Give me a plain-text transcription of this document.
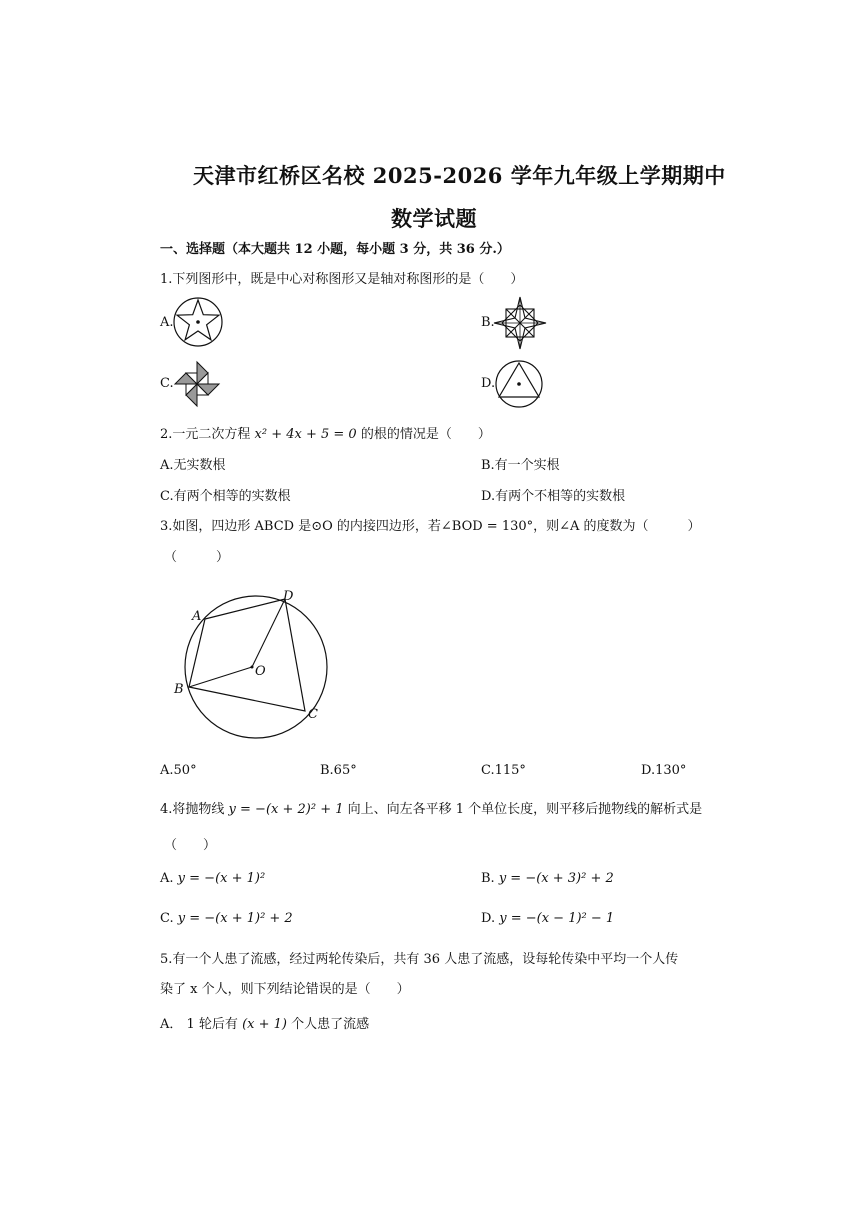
天津市红桥区名校 2025-2026 学年九年级上学期期中
数学试题
一、选择题（本大题共 12 小题，每小题 3 分，共 36 分.）
1.下列图形中，既是中心对称图形又是轴对称图形的是（　　）
A.	B.
C.	D.
2.一元二次方程 x² + 4x + 5 = 0 的根的情况是（　　）
A.无实数根	B.有一个实根
C.有两个相等的实数根	D.有两个不相等的实数根
3.如图，四边形 ABCD 是⊙O 的内接四边形，若∠BOD = 130°，则∠A 的度数为（　　　）
（　　　）
A
D
O
B
C
A.50°	B.65°	C.115°	D.130°
4.将抛物线 y = −(x + 2)² + 1 向上、向左各平移 1 个单位长度，则平移后抛物线的解析式是
（　　）
A. y = −(x + 1)²	B. y = −(x + 3)² + 2
C. y = −(x + 1)² + 2	D. y = −(x − 1)² − 1
5.有一个人患了流感，经过两轮传染后，共有 36 人患了流感，设每轮传染中平均一个人传
染了 x 个人，则下列结论错误的是（　　）
A． 1 轮后有 (x + 1) 个人患了流感
